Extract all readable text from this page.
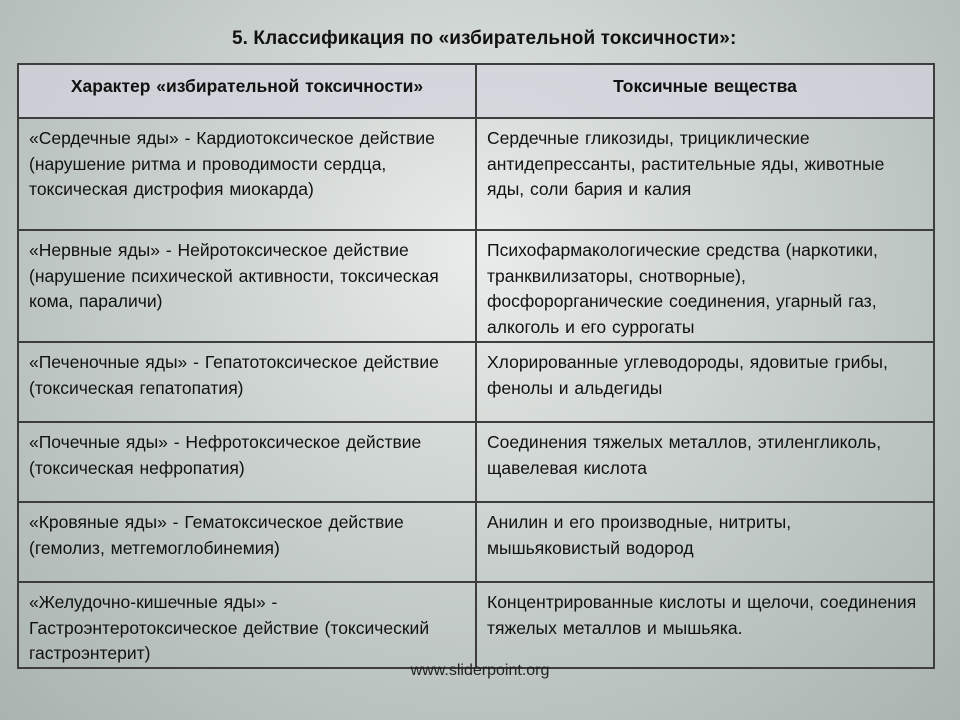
5. Классификация по «избирательной токсичности»:
Характер «избирательной токсичности»	Токсичные вещества
«Сердечные яды» - Кардиотоксическое действие (нарушение ритма и проводимости сердца, токсическая дистрофия миокарда)	Сердечные гликозиды, трициклические антидепрессанты, растительные яды, животные яды, соли бария и калия
«Нервные яды» - Нейротоксическое действие (нарушение психической активности, токсическая кома, параличи)	Психофармакологические средства (наркотики, транквилизаторы, снотворные), фосфорорганические соединения, угарный газ, алкоголь и его суррогаты
«Печеночные яды» - Гепатотоксическое действие (токсическая гепатопатия)	Хлорированные углеводороды, ядовитые грибы, фенолы и альдегиды
«Почечные яды» - Нефротоксическое действие (токсическая нефропатия)	Соединения тяжелых металлов, этиленгликоль, щавелевая кислота
«Кровяные яды» - Гематоксическое действие (гемолиз, метгемоглобинемия)	Анилин и его производные, нитриты, мышьяковистый водород
«Желудочно-кишечные яды» - Гастроэнтеротоксическое действие (токсический гастроэнтерит)	Концентрированные кислоты и щелочи, соединения тяжелых металлов и мышьяка.
www.sliderpoint.org
